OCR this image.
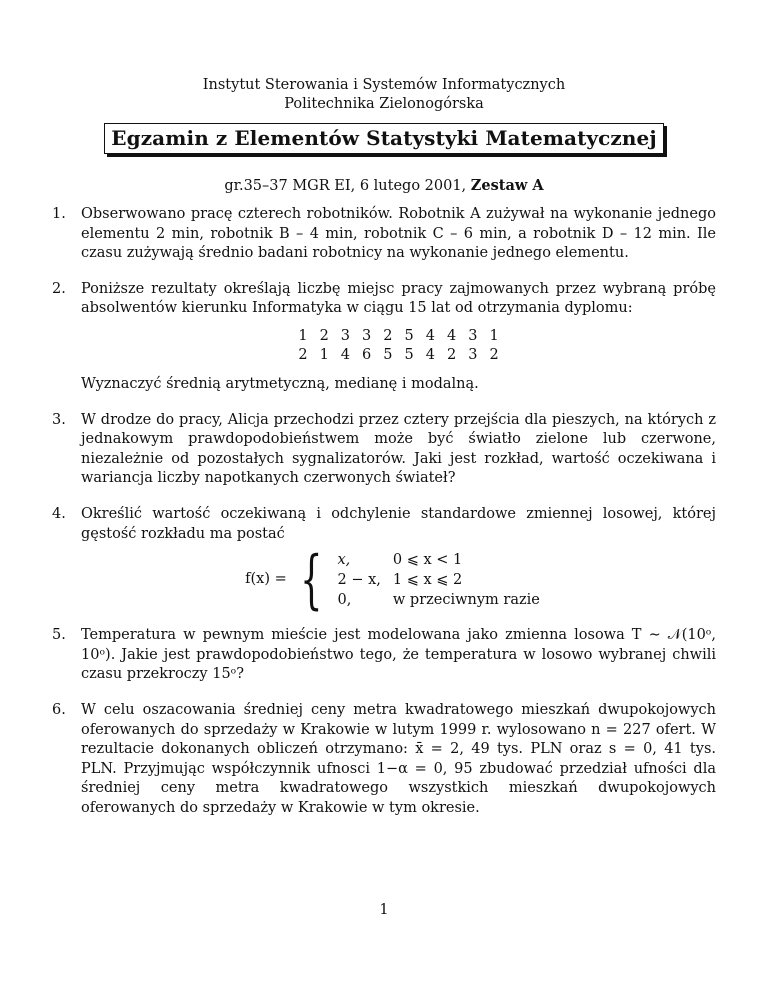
Instytut Sterowania i Systemów Informatycznych
Politechnika Zielonogórska
Egzamin z Elementów Statystyki Matematycznej
gr.35–37 MGR EI, 6 lutego 2001, Zestaw A
1. Obserwowano pracę czterech robotników. Robotnik A zużywał na wykonanie jednego elementu 2 min, robotnik B – 4 min, robotnik C – 6 min, a robotnik D – 12 min. Ile czasu zużywają średnio badani robotnicy na wykonanie jednego elementu.
2. Poniższe rezultaty określają liczbę miejsc pracy zajmowanych przez wybraną próbę absolwentów kierunku Informatyka w ciągu 15 lat od otrzymania dyplomu:
1	2	3	3	2	5	4	4	3	1
2	1	4	6	5	5	4	2	3	2
Wyznaczyć średnią arytmetyczną, medianę i modalną.
3. W drodze do pracy, Alicja przechodzi przez cztery przejścia dla pieszych, na których z jednakowym prawdopodobieństwem może być światło zielone lub czerwone, niezależnie od pozostałych sygnalizatorów. Jaki jest rozkład, wartość oczekiwana i wariancja liczby napotkanych czerwonych świateł?
4. Określić wartość oczekiwaną i odchylenie standardowe zmiennej losowej, której gęstość rozkładu ma postać
f(x) = { x,	0 ⩽ x < 1
2 − x,	1 ⩽ x ⩽ 2
0,	w przeciwnym razie
5. Temperatura w pewnym mieście jest modelowana jako zmienna losowa T ∼ 𝒩(10ᵒ, 10ᵒ). Jakie jest prawdopodobieństwo tego, że temperatura w losowo wybranej chwili czasu przekroczy 15ᵒ?
6. W celu oszacowania średniej ceny metra kwadratowego mieszkań dwupokojowych oferowanych do sprzedaży w Krakowie w lutym 1999 r. wylosowano n = 227 ofert. W rezultacie dokonanych obliczeń otrzymano: x̄ = 2, 49 tys. PLN oraz s = 0, 41 tys. PLN. Przyjmując współczynnik ufnosci 1−α = 0, 95 zbudować przedział ufności dla średniej ceny metra kwadratowego wszystkich mieszkań dwupokojowych oferowanych do sprzedaży w Krakowie w tym okresie.
1
